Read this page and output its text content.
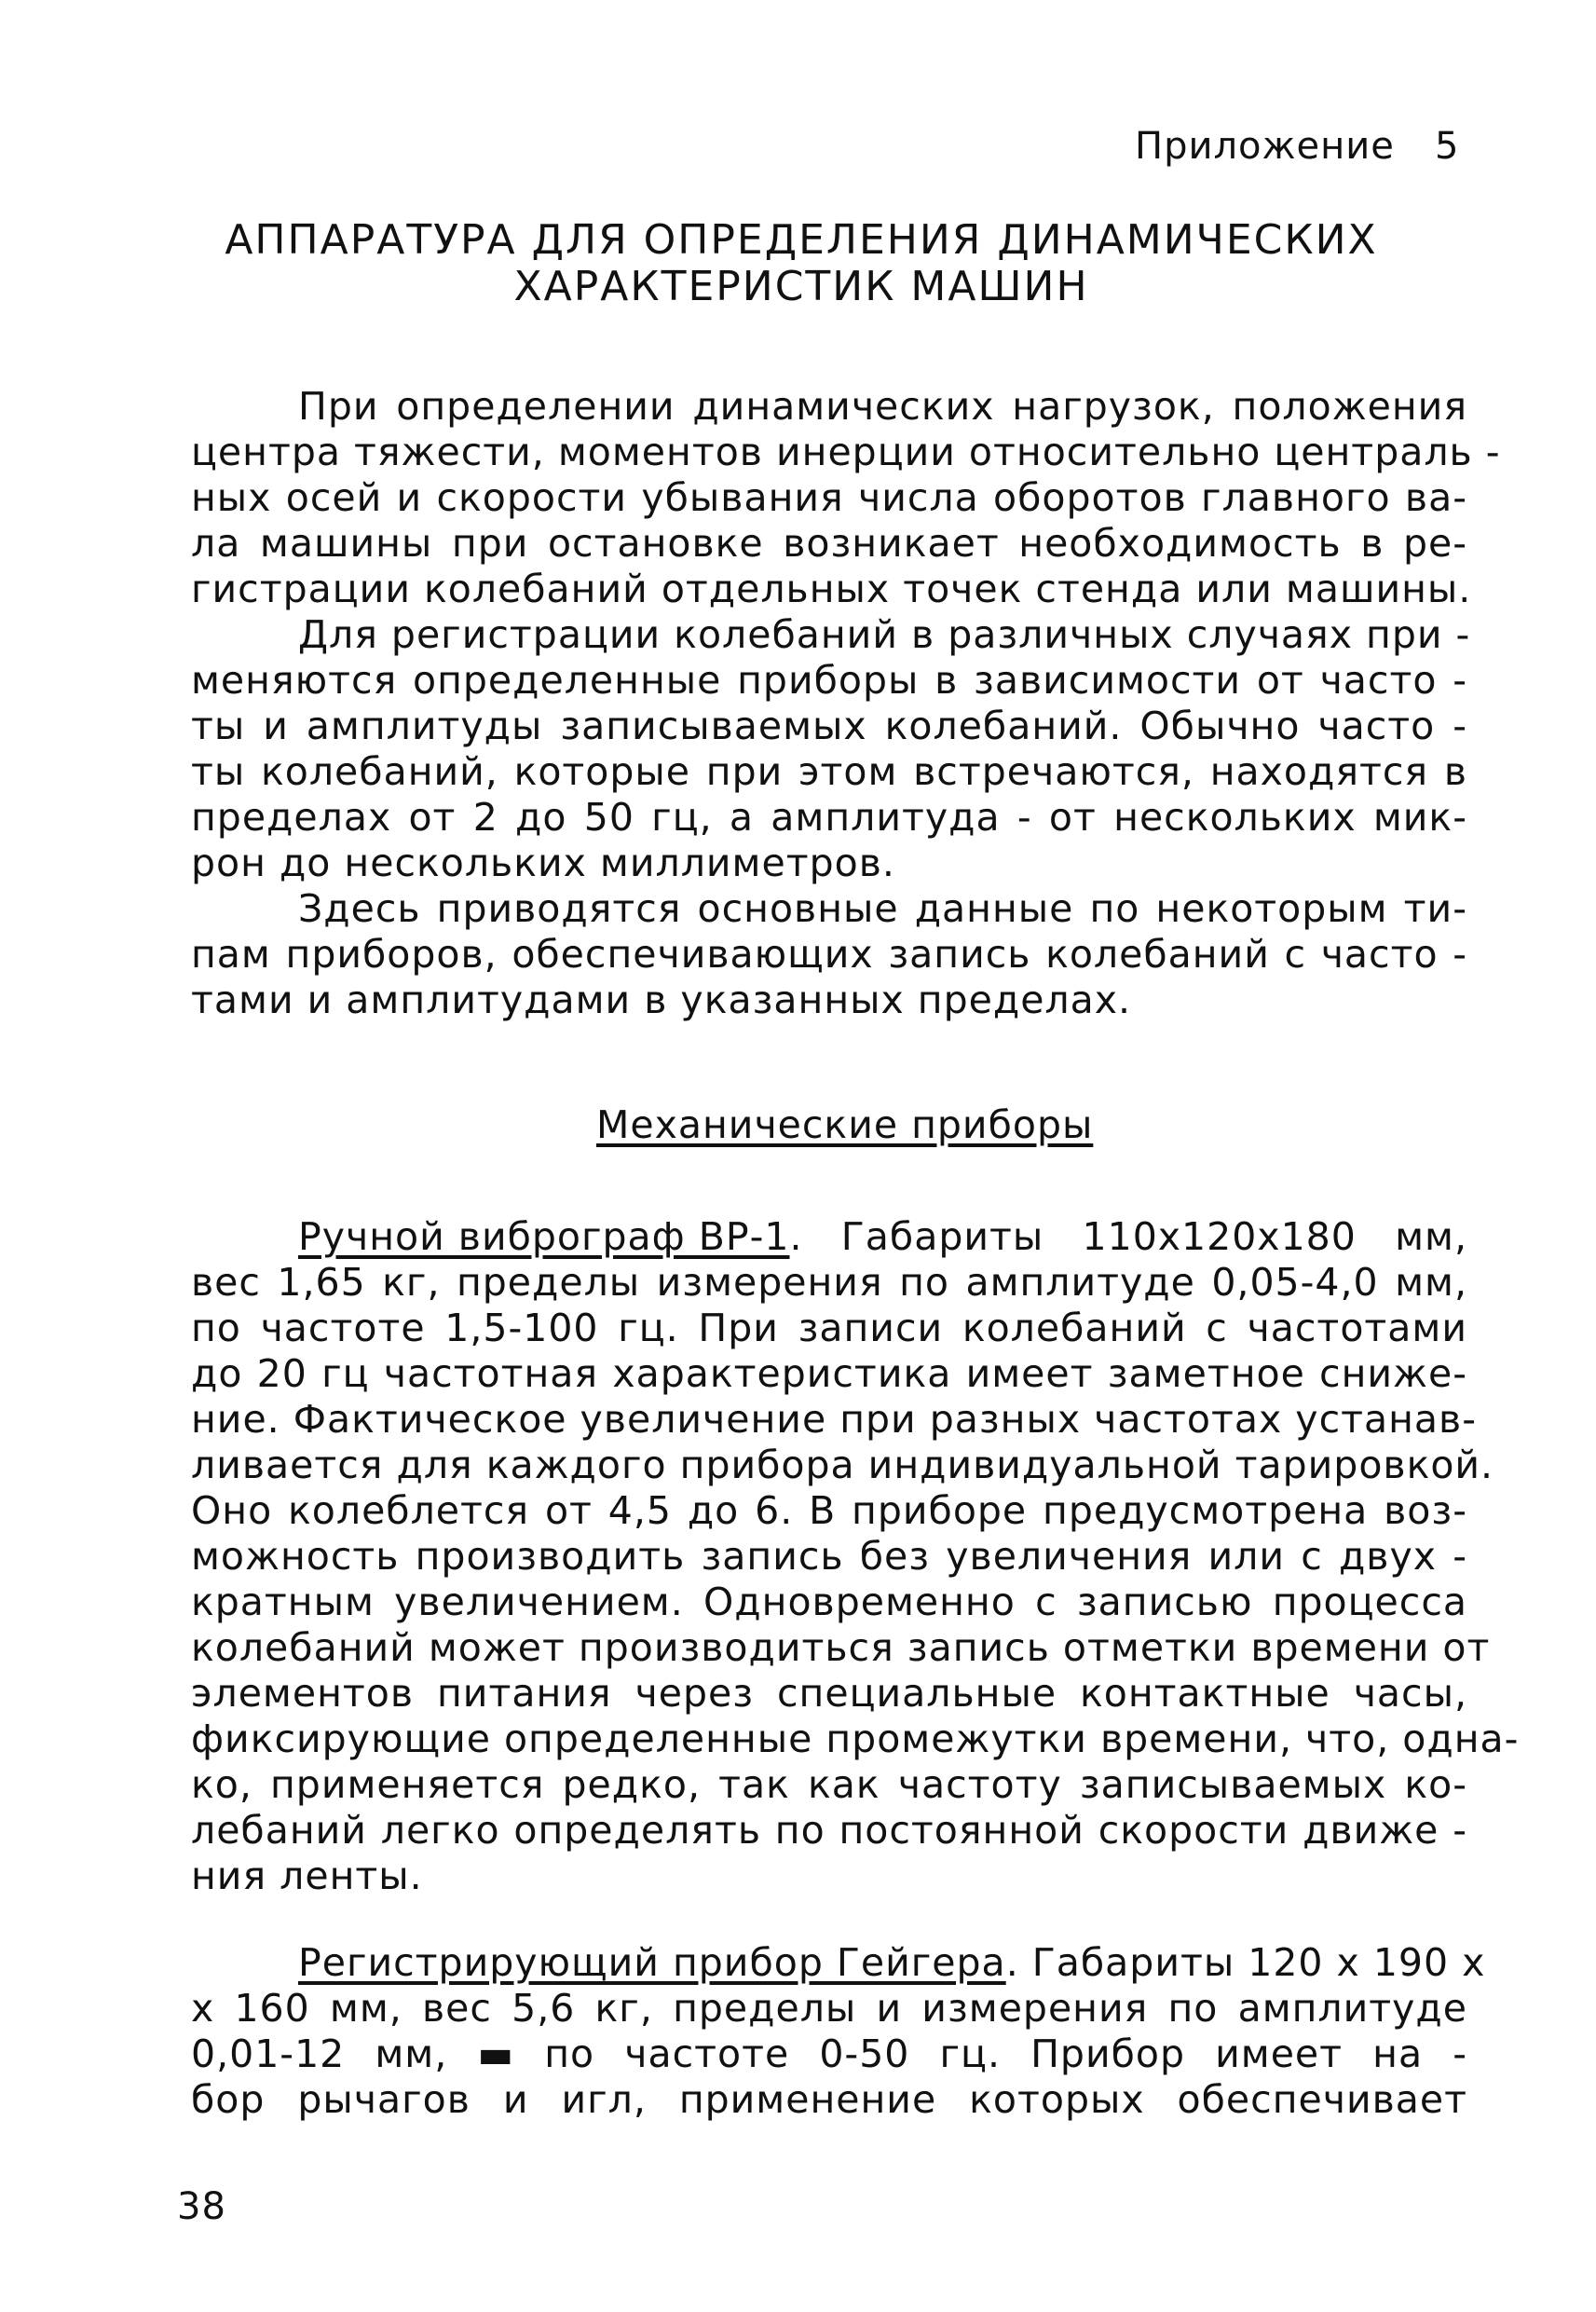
Приложение 5
АППАРАТУРА ДЛЯ ОПРЕДЕЛЕНИЯ ДИНАМИЧЕСКИХ
ХАРАКТЕРИСТИК МАШИН
При определении динамических нагрузок, положения
центра тяжести, моментов инерции относительно централь -
ных осей и скорости убывания числа оборотов главного ва-
ла машины при остановке возникает необходимость в ре-
гистрации колебаний отдельных точек стенда или машины.
Для регистрации колебаний в различных случаях при -
меняются определенные приборы в зависимости от часто -
ты и амплитуды записываемых колебаний. Обычно часто -
ты колебаний, которые при этом встречаются, находятся в
пределах от 2 до 50 гц, а амплитуда - от нескольких мик-
рон до нескольких миллиметров.
Здесь приводятся основные данные по некоторым ти-
пам приборов, обеспечивающих запись колебаний с часто -
тами и амплитудами в указанных пределах.
Механические приборы
Ручной виброграф ВР-1 . Габариты 110x120x180 мм,
вес 1,65 кг, пределы измерения по амплитуде 0,05-4,0 мм,
по частоте 1,5-100 гц. При записи колебаний с частотами
до 20 гц частотная характеристика имеет заметное сниже-
ние. Фактическое увеличение при разных частотах устанав-
ливается для каждого прибора индивидуальной тарировкой.
Оно колеблется от 4,5 до 6. В приборе предусмотрена воз-
можность производить запись без увеличения или с двух -
кратным увеличением. Одновременно с записью процесса
колебаний может производиться запись отметки времени от
элементов питания через специальные контактные часы,
фиксирующие определенные промежутки времени, что, одна-
ко, применяется редко, так как частоту записываемых ко-
лебаний легко определять по постоянной скорости движе -
ния ленты.
Регистрирующий прибор Гейгера . Габариты 120 x 190 x
x 160 мм, вес 5,6 кг, пределы и измерения по амплитуде
0,01-12 мм, ▬ по частоте 0-50 гц. Прибор имеет на -
бор рычагов и игл, применение которых обеспечивает
38
